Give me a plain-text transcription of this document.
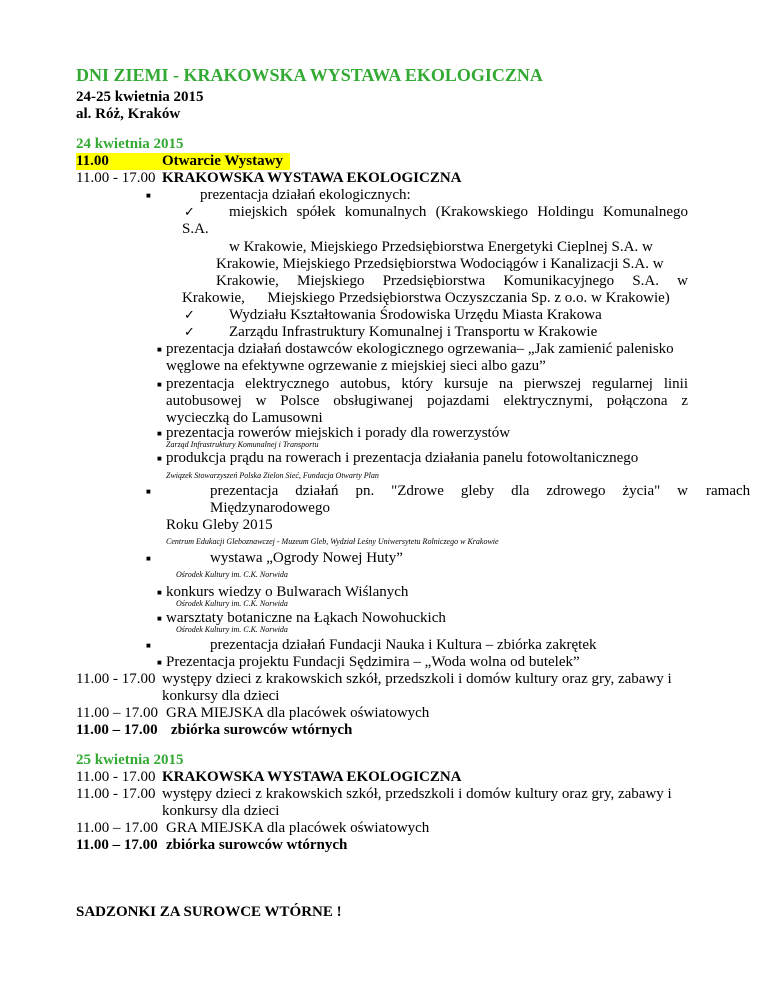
DNI ZIEMI - KRAKOWSKA WYSTAWA EKOLOGICZNA
24-25 kwietnia 2015
al. Róż, Kraków
24 kwietnia 2015
11.00	Otwarcie Wystawy
11.00 - 17.00 KRAKOWSKA WYSTAWA EKOLOGICZNA
■	prezentacja działań ekologicznych:
✓ miejskich spółek komunalnych (Krakowskiego Holdingu Komunalnego
S.A.
w Krakowie, Miejskiego Przedsiębiorstwa Energetyki Cieplnej S.A. w
Krakowie, Miejskiego Przedsiębiorstwa Wodociągów i Kanalizacji S.A. w
Krakowie, Miejskiego Przedsiębiorstwa Komunikacyjnego S.A. w
Krakowie,      Miejskiego Przedsiębiorstwa Oczyszczania Sp. z o.o. w Krakowie)
✓ Wydziału Kształtowania Środowiska Urzędu Miasta Krakowa
✓ Zarządu Infrastruktury Komunalnej i Transportu w Krakowie
■ prezentacja działań dostawców ekologicznego ogrzewania– „Jak zamienić palenisko
węglowe na efektywne ogrzewanie z miejskiej sieci albo gazu”
■ prezentacja elektrycznego autobus, który kursuje na pierwszej regularnej linii
autobusowej w Polsce obsługiwanej pojazdami elektrycznymi, połączona z
wycieczką do Lamusowni
■ prezentacja rowerów miejskich i porady dla rowerzystów
Zarząd Infrastruktury Komunalnej i Transportu
■ produkcja prądu na rowerach i prezentacja działania panelu fotowoltanicznego
Związek Stowarzyszeń Polska Zielon Sieć, Fundacja Otwarty Plan
■	prezentacja działań pn. "Zdrowe gleby dla zdrowego życia" w ramach
Międzynarodowego
Roku Gleby 2015
Centrum Edukacji Gleboznawczej - Muzeum Gleb, Wydział Leśny Uniwersytetu Rolniczego w Krakowie
■	wystawa „Ogrody Nowej Huty”
Ośrodek Kultury im. C.K. Norwida
■ konkurs wiedzy o Bulwarach Wiślanych
Ośrodek Kultury im. C.K. Norwida
■ warsztaty botaniczne na Łąkach Nowohuckich
Ośrodek Kultury im. C.K. Norwida
■	prezentacja działań Fundacji Nauka i Kultura – zbiórka zakrętek
■ Prezentacja projektu Fundacji Sędzimira – „Woda wolna od butelek”
11.00 - 17.00 występy dzieci z krakowskich szkół, przedszkoli i domów kultury oraz gry, zabawy i
konkursy dla dzieci
11.00 – 17.00 GRA MIEJSKA dla placówek oświatowych
11.00 – 17.00 zbiórka surowców wtórnych
25 kwietnia 2015
11.00 - 17.00 KRAKOWSKA WYSTAWA EKOLOGICZNA
11.00 - 17.00 występy dzieci z krakowskich szkół, przedszkoli i domów kultury oraz gry, zabawy i
konkursy dla dzieci
11.00 – 17.00 GRA MIEJSKA dla placówek oświatowych
11.00 – 17.00 zbiórka surowców wtórnych
SADZONKI ZA SUROWCE WTÓRNE !
